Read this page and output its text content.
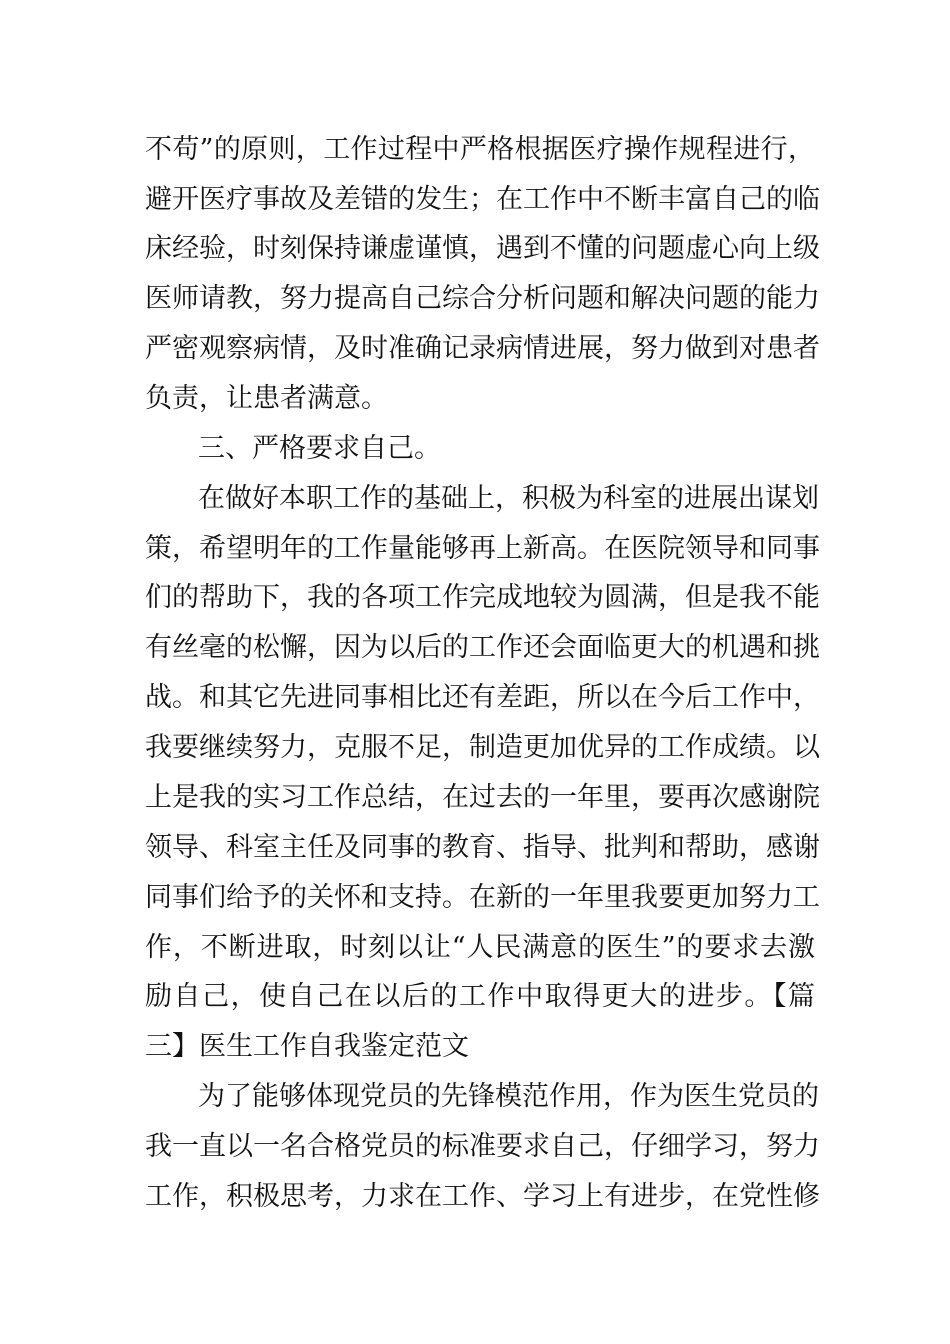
不苟”的原则，工作过程中严格根据医疗操作规程进行，
避开医疗事故及差错的发生；在工作中不断丰富自己的临
床经验，时刻保持谦虚谨慎，遇到不懂的问题虚心向上级
医师请教，努力提高自己综合分析问题和解决问题的能力
严密观察病情，及时准确记录病情进展，努力做到对患者
负责，让患者满意。
三、严格要求自己。
在做好本职工作的基础上，积极为科室的进展出谋划
策，希望明年的工作量能够再上新高。在医院领导和同事
们的帮助下，我的各项工作完成地较为圆满，但是我不能
有丝毫的松懈，因为以后的工作还会面临更大的机遇和挑
战。和其它先进同事相比还有差距，所以在今后工作中，
我要继续努力，克服不足，制造更加优异的工作成绩。以
上是我的实习工作总结，在过去的一年里，要再次感谢院
领导、科室主任及同事的教育、指导、批判和帮助，感谢
同事们给予的关怀和支持。在新的一年里我要更加努力工
作，不断进取，时刻以让“人民满意的医生”的要求去激
励自己，使自己在以后的工作中取得更大的进步。【篇
三】医生工作自我鉴定范文
为了能够体现党员的先锋模范作用，作为医生党员的
我一直以一名合格党员的标准要求自己，仔细学习，努力
工作，积极思考，力求在工作、学习上有进步，在党性修
